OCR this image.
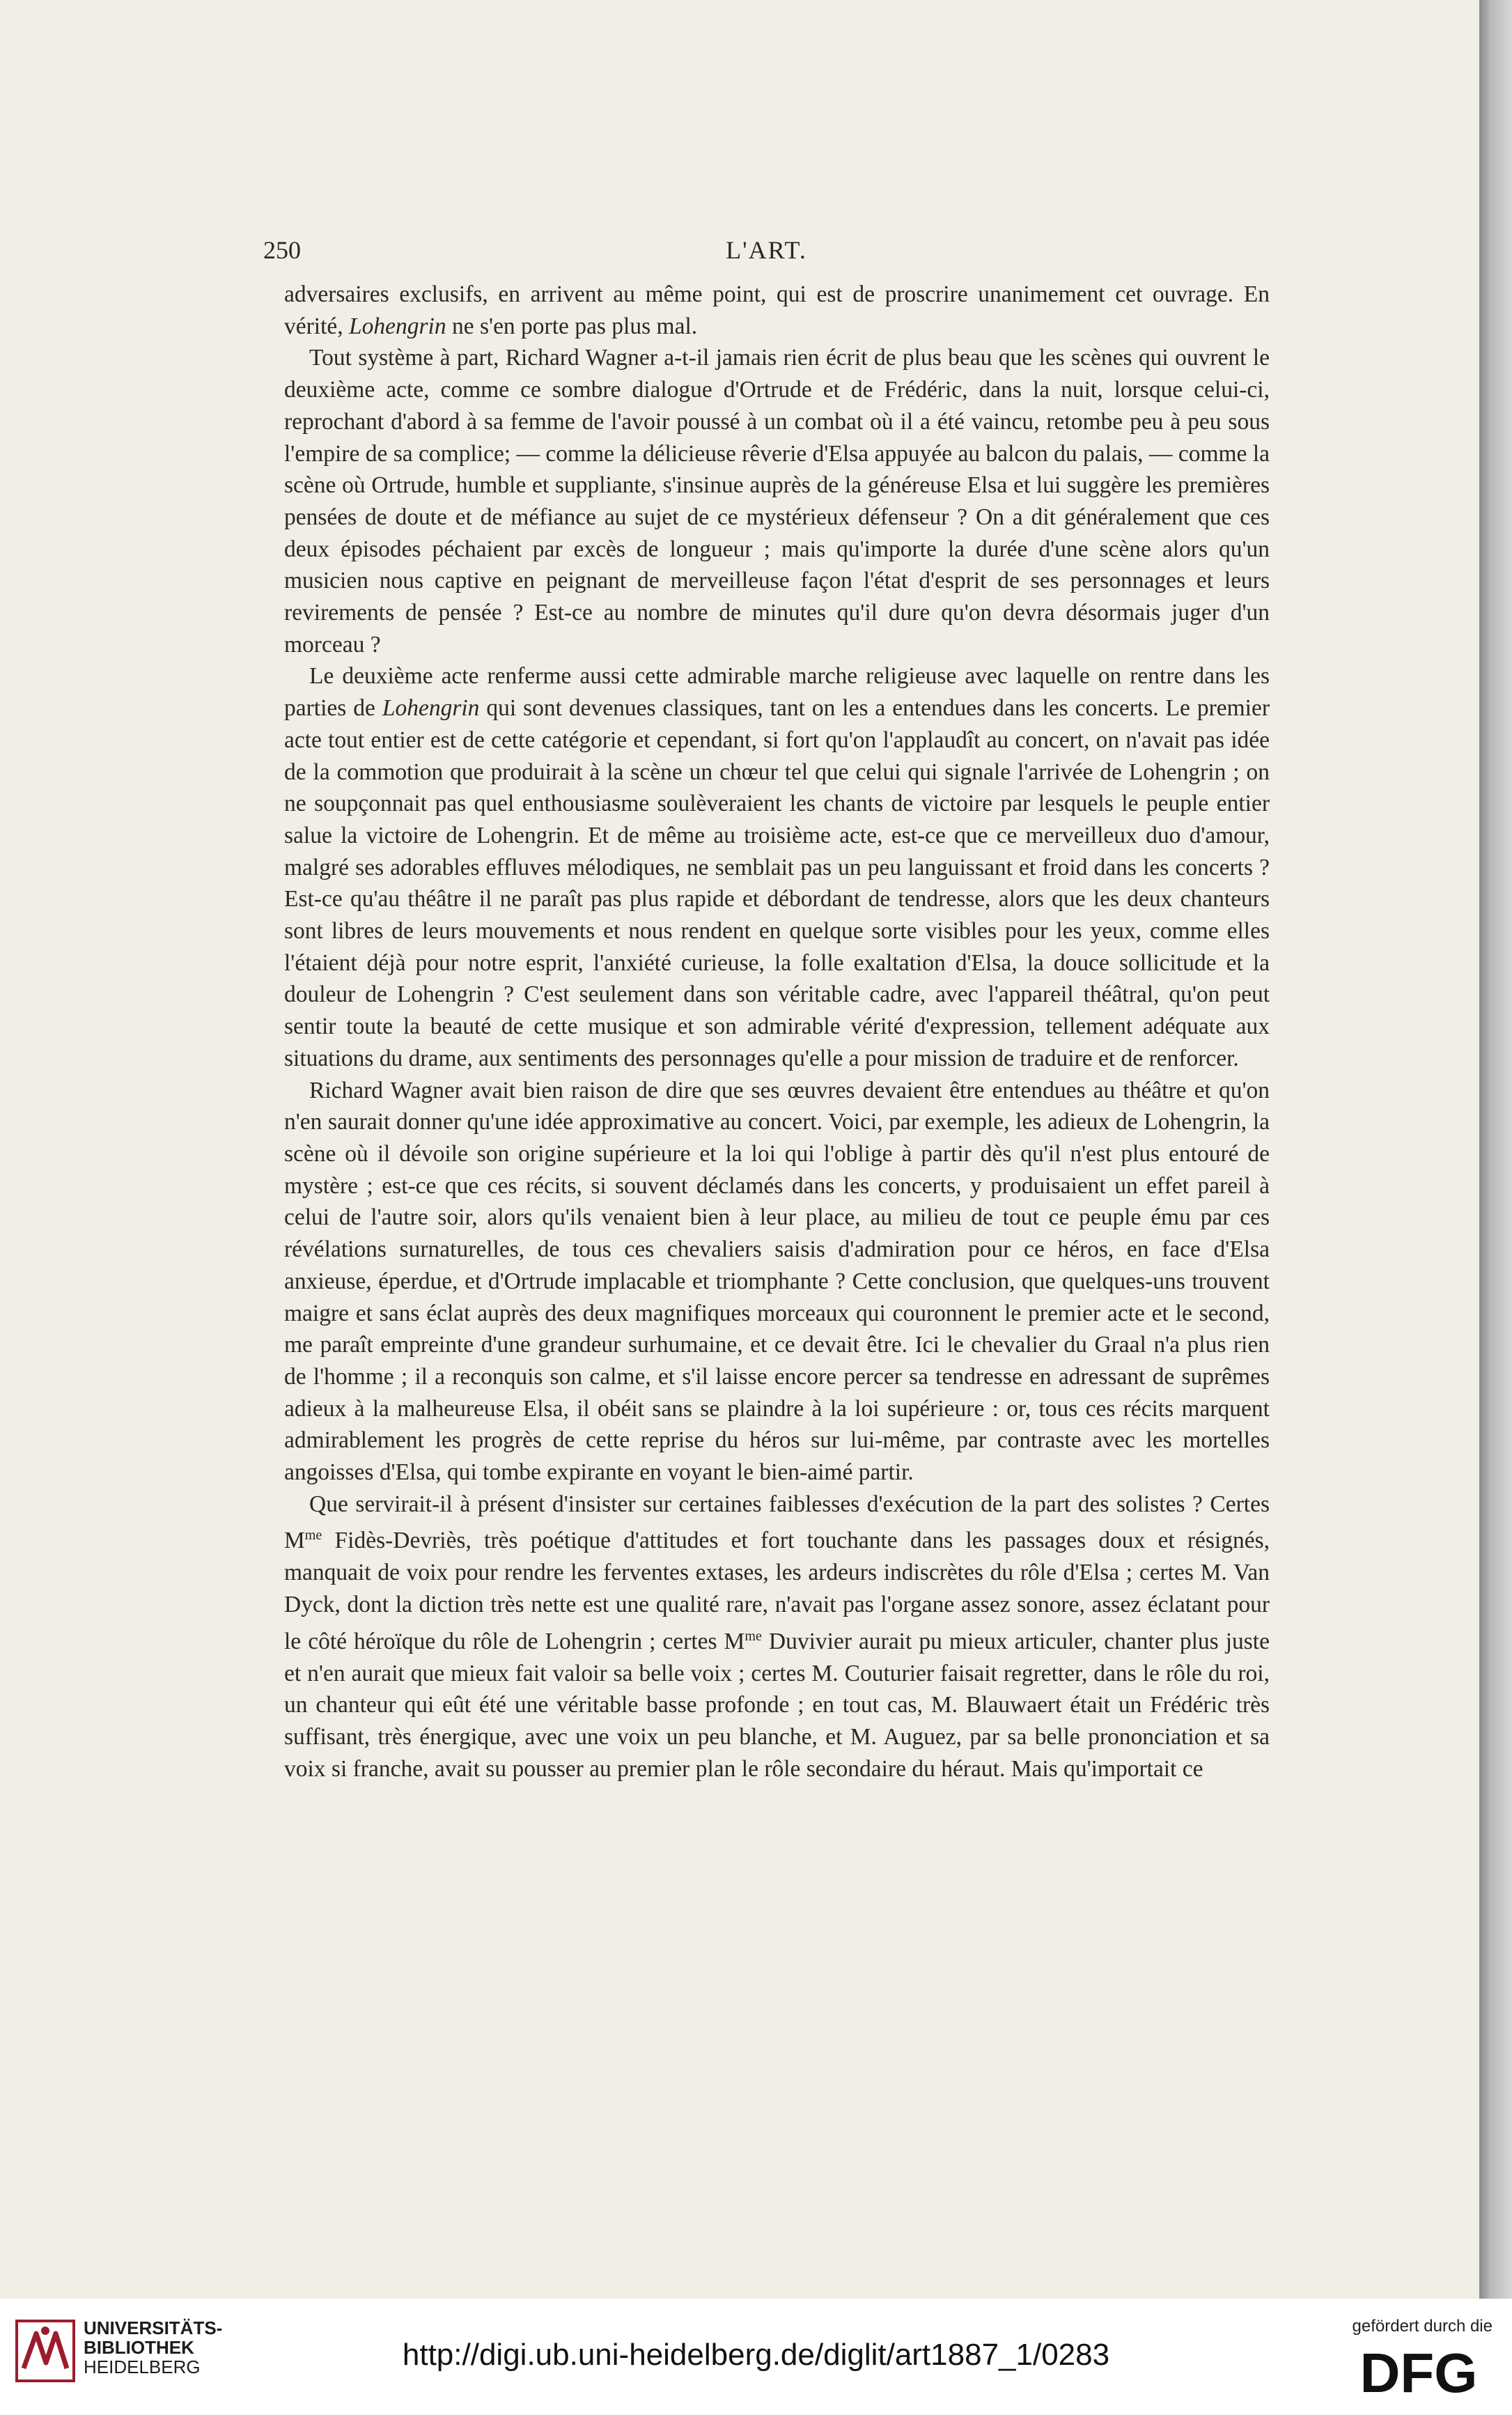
250	L'ART.

adversaires exclusifs, en arrivent au même point, qui est de proscrire unanimement cet ouvrage. En vérité, Lohengrin ne s'en porte pas plus mal.

Tout système à part, Richard Wagner a-t-il jamais rien écrit de plus beau que les scènes qui ouvrent le deuxième acte, comme ce sombre dialogue d'Ortrude et de Frédéric, dans la nuit, lorsque celui-ci, reprochant d'abord à sa femme de l'avoir poussé à un combat où il a été vaincu, retombe peu à peu sous l'empire de sa complice; — comme la délicieuse rêverie d'Elsa appuyée au balcon du palais, — comme la scène où Ortrude, humble et suppliante, s'insinue auprès de la généreuse Elsa et lui suggère les premières pensées de doute et de méfiance au sujet de ce mystérieux défenseur ? On a dit généralement que ces deux épisodes péchaient par excès de longueur ; mais qu'importe la durée d'une scène alors qu'un musicien nous captive en peignant de merveilleuse façon l'état d'esprit de ses personnages et leurs revirements de pensée ? Est-ce au nombre de minutes qu'il dure qu'on devra désormais juger d'un morceau ?

Le deuxième acte renferme aussi cette admirable marche religieuse avec laquelle on rentre dans les parties de Lohengrin qui sont devenues classiques, tant on les a entendues dans les concerts. Le premier acte tout entier est de cette catégorie et cependant, si fort qu'on l'applaudît au concert, on n'avait pas idée de la commotion que produirait à la scène un chœur tel que celui qui signale l'arrivée de Lohengrin ; on ne soupçonnait pas quel enthousiasme soulèveraient les chants de victoire par lesquels le peuple entier salue la victoire de Lohengrin. Et de même au troisième acte, est-ce que ce merveilleux duo d'amour, malgré ses adorables effluves mélodiques, ne semblait pas un peu languissant et froid dans les concerts ? Est-ce qu'au théâtre il ne paraît pas plus rapide et débordant de tendresse, alors que les deux chanteurs sont libres de leurs mouvements et nous rendent en quelque sorte visibles pour les yeux, comme elles l'étaient déjà pour notre esprit, l'anxiété curieuse, la folle exaltation d'Elsa, la douce sollicitude et la douleur de Lohengrin ? C'est seulement dans son véritable cadre, avec l'appareil théâtral, qu'on peut sentir toute la beauté de cette musique et son admirable vérité d'expression, tellement adéquate aux situations du drame, aux sentiments des personnages qu'elle a pour mission de traduire et de renforcer.

Richard Wagner avait bien raison de dire que ses œuvres devaient être entendues au théâtre et qu'on n'en saurait donner qu'une idée approximative au concert. Voici, par exemple, les adieux de Lohengrin, la scène où il dévoile son origine supérieure et la loi qui l'oblige à partir dès qu'il n'est plus entouré de mystère ; est-ce que ces récits, si souvent déclamés dans les concerts, y produisaient un effet pareil à celui de l'autre soir, alors qu'ils venaient bien à leur place, au milieu de tout ce peuple ému par ces révélations surnaturelles, de tous ces chevaliers saisis d'admiration pour ce héros, en face d'Elsa anxieuse, éperdue, et d'Ortrude implacable et triomphante ? Cette conclusion, que quelques-uns trouvent maigre et sans éclat auprès des deux magnifiques morceaux qui couronnent le premier acte et le second, me paraît empreinte d'une grandeur surhumaine, et ce devait être. Ici le chevalier du Graal n'a plus rien de l'homme ; il a reconquis son calme, et s'il laisse encore percer sa tendresse en adressant de suprêmes adieux à la malheureuse Elsa, il obéit sans se plaindre à la loi supérieure : or, tous ces récits marquent admirablement les progrès de cette reprise du héros sur lui-même, par contraste avec les mortelles angoisses d'Elsa, qui tombe expirante en voyant le bien-aimé partir.

Que servirait-il à présent d'insister sur certaines faiblesses d'exécution de la part des solistes ? Certes $M^{me}$ Fidès-Devriès, très poétique d'attitudes et fort touchante dans les passages doux et résignés, manquait de voix pour rendre les ferventes extases, les ardeurs indiscrètes du rôle d'Elsa ; certes M. Van Dyck, dont la diction très nette est une qualité rare, n'avait pas l'organe assez sonore, assez éclatant pour le côté héroïque du rôle de Lohengrin ; certes $M^{me}$ Duvivier aurait pu mieux articuler, chanter plus juste et n'en aurait que mieux fait valoir sa belle voix ; certes M. Couturier faisait regretter, dans le rôle du roi, un chanteur qui eût été une véritable basse profonde ; en tout cas, M. Blauwaert était un Frédéric très suffisant, très énergique, avec une voix un peu blanche, et M. Auguez, par sa belle prononciation et sa voix si franche, avait su pousser au premier plan le rôle secondaire du héraut. Mais qu'importait ce

UNIVERSITÄTS-
BIBLIOTHEK
HEIDELBERG	http://digi.ub.uni-heidelberg.de/diglit/art1887_1/0283
gefördert durch die
DFG
